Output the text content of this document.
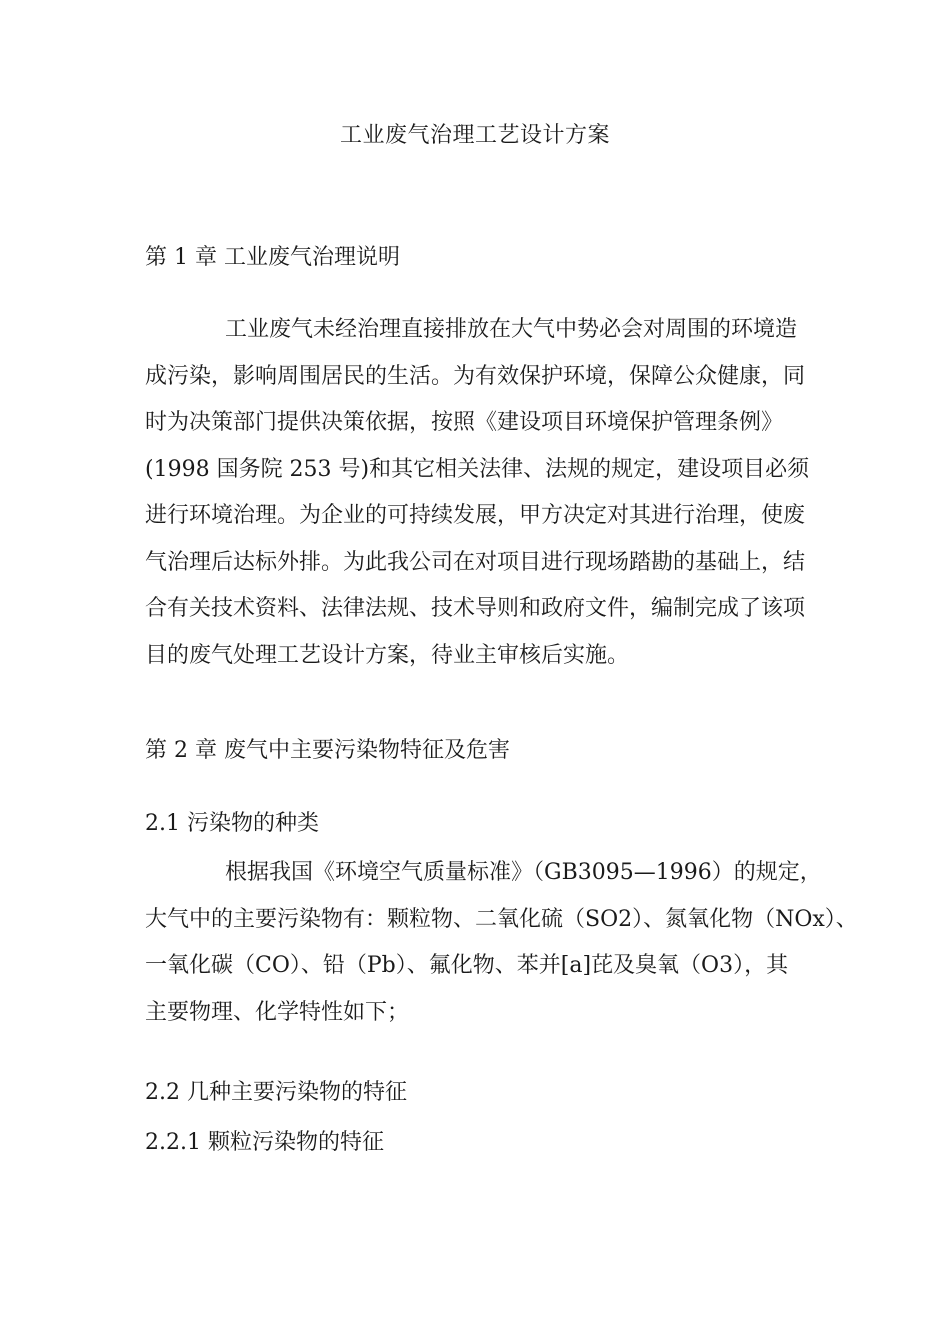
工业废气治理工艺设计方案
第 1 章 工业废气治理说明
工业废气未经治理直接排放在大气中势必会对周围的环境造
成污染，影响周围居民的生活。为有效保护环境，保障公众健康，同
时为决策部门提供决策依据，按照《建设项目环境保护管理条例》
(1998 国务院 253 号)和其它相关法律、法规的规定，建设项目必须
进行环境治理。为企业的可持续发展，甲方决定对其进行治理，使废
气治理后达标外排。为此我公司在对项目进行现场踏勘的基础上，结
合有关技术资料、法律法规、技术导则和政府文件，编制完成了该项
目的废气处理工艺设计方案，待业主审核后实施。
第 2 章 废气中主要污染物特征及危害
2.1 污染物的种类
根据我国《环境空气质量标准》（GB3095—1996）的规定，
大气中的主要污染物有：颗粒物、二氧化硫（SO2）、氮氧化物（NOx）、
一氧化碳（CO）、铅（Pb）、氟化物、苯并[a]芘及臭氧（O3），其
主要物理、化学特性如下；
2.2 几种主要污染物的特征
2.2.1 颗粒污染物的特征
